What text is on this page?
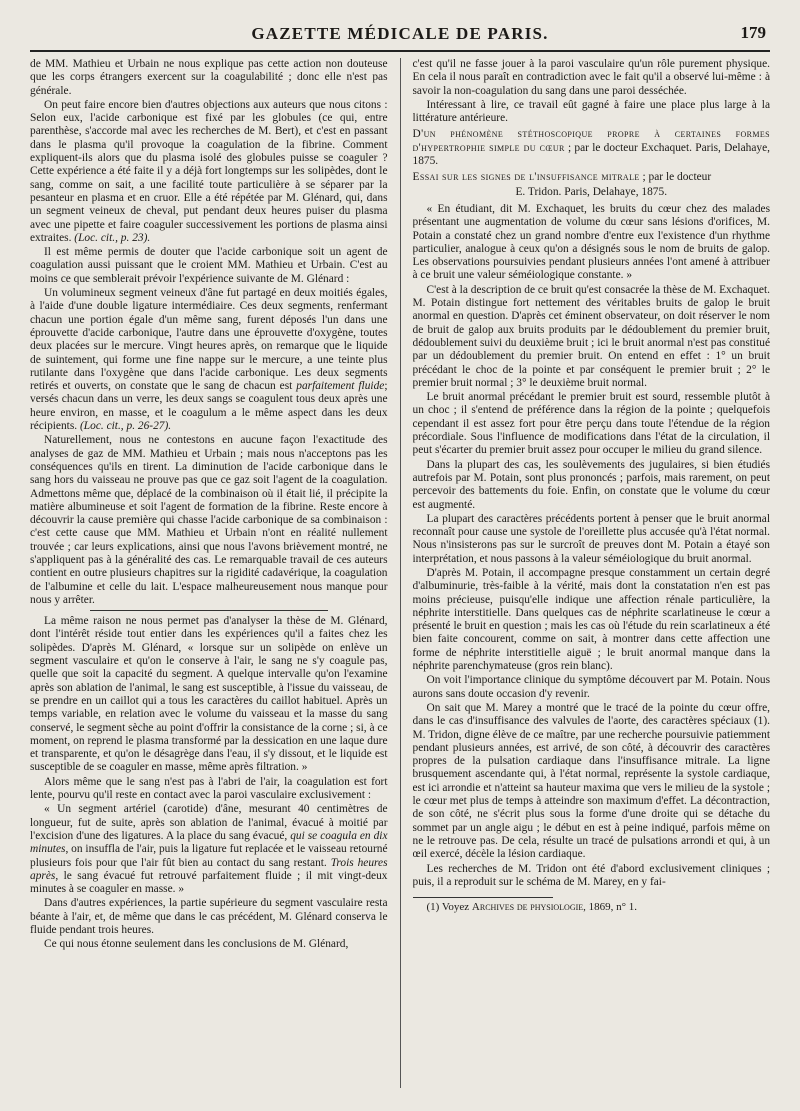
GAZETTE MÉDICALE DE PARIS.	179

de MM. Mathieu et Urbain ne nous explique pas cette action non douteuse que les corps étrangers exercent sur la coagulabilité ; donc elle n'est pas générale.

On peut faire encore bien d'autres objections aux auteurs que nous citons : Selon eux, l'acide carbonique est fixé par les globules (ce qui, entre parenthèse, s'accorde mal avec les recherches de M. Bert), et c'est en passant dans le plasma qu'il provoque la coagulation de la fibrine. Comment expliquent-ils alors que du plasma isolé des globules puisse se coaguler ? Cette expérience a été faite il y a déjà fort longtemps sur les solipèdes, dont le sang, comme on sait, a une facilité toute particulière à se séparer par la pesanteur en plasma et en cruor. Elle a été répétée par M. Glénard, qui, dans un segment veineux de cheval, put pendant deux heures puiser du plasma avec une pipette et faire coaguler successivement les portions de plasma ainsi extraites. (Loc. cit., p. 23).

Il est même permis de douter que l'acide carbonique soit un agent de coagulation aussi puissant que le croient MM. Mathieu et Urbain. C'est au moins ce que semblerait prévoir l'expérience suivante de M. Glénard :

Un volumineux segment veineux d'âne fut partagé en deux moitiés égales, à l'aide d'une double ligature intermédiaire. Ces deux segments, renfermant chacun une portion égale d'un même sang, furent déposés l'un dans une éprouvette d'acide carbonique, l'autre dans une éprouvette d'oxygène, toutes deux placées sur le mercure. Vingt heures après, on remarque que le liquide de suintement, qui forme une fine nappe sur le mercure, a une teinte plus rutilante dans l'oxygène que dans l'acide carbonique. Les deux segments retirés et ouverts, on constate que le sang de chacun est parfaitement fluide; versés chacun dans un verre, les deux sangs se coagulent tous deux après une heure environ, en masse, et le coagulum a le même aspect dans les deux récipients. (Loc. cit., p. 26-27).

Naturellement, nous ne contestons en aucune façon l'exactitude des analyses de gaz de MM. Mathieu et Urbain ; mais nous n'acceptons pas les conséquences qu'ils en tirent. La diminution de l'acide carbonique dans le sang hors du vaisseau ne prouve pas que ce gaz soit l'agent de la coagulation. Admettons même que, déplacé de la combinaison où il était lié, il précipite la matière albumineuse et soit l'agent de formation de la fibrine. Reste encore à découvrir la cause première qui chasse l'acide carbonique de sa combinaison : c'est cette cause que MM. Mathieu et Urbain n'ont en réalité nullement trouvée ; car leurs explications, ainsi que nous l'avons brièvement montré, ne s'appliquent pas à la généralité des cas. Le remarquable travail de ces auteurs contient en outre plusieurs chapitres sur la rigidité cadavérique, la coagulation de l'albumine et celle du lait. L'espace malheureusement nous manque pour nous y arrêter.

La même raison ne nous permet pas d'analyser la thèse de M. Glénard, dont l'intérêt réside tout entier dans les expériences qu'il a faites chez les solipèdes. D'après M. Glénard, « lorsque sur un solipède on enlève un segment vasculaire et qu'on le conserve à l'air, le sang ne s'y coagule pas, quelle que soit la capacité du segment. A quelque intervalle qu'on l'examine après son ablation de l'animal, le sang est susceptible, à l'issue du vaisseau, de se prendre en un caillot qui a tous les caractères du caillot habituel. Après un temps variable, en relation avec le volume du vaisseau et la masse du sang conservé, le segment sèche au point d'offrir la consistance de la corne ; si, à ce moment, on reprend le plasma transformé par la dessication en une laque dure et transparente, et qu'on le désagrège dans l'eau, il s'y dissout, et le liquide est susceptible de se coaguler en masse, même après filtration. »

Alors même que le sang n'est pas à l'abri de l'air, la coagulation est fort lente, pourvu qu'il reste en contact avec la paroi vasculaire exclusivement :

« Un segment artériel (carotide) d'âne, mesurant 40 centimètres de longueur, fut de suite, après son ablation de l'animal, évacué à moitié par l'excision d'une des ligatures. A la place du sang évacué, qui se coagula en dix minutes, on insuffla de l'air, puis la ligature fut replacée et le vaisseau retourné plusieurs fois pour que l'air fût bien au contact du sang restant. Trois heures après, le sang évacué fut retrouvé parfaitement fluide ; il mit vingt-deux minutes à se coaguler en masse. »

Dans d'autres expériences, la partie supérieure du segment vasculaire resta béante à l'air, et, de même que dans le cas précédent, M. Glénard conserva le fluide pendant trois heures.

Ce qui nous étonne seulement dans les conclusions de M. Glénard,

c'est qu'il ne fasse jouer à la paroi vasculaire qu'un rôle purement physique. En cela il nous paraît en contradiction avec le fait qu'il a observé lui-même : à savoir la non-coagulation du sang dans une paroi desséchée.

Intéressant à lire, ce travail eût gagné à faire une place plus large à la littérature antérieure.

D'un phénomène stéthoscopique propre à certaines formes d'hypertrophie simple du cœur ; par le docteur Exchaquet. Paris, Delahaye, 1875.

Essai sur les signes de l'insuffisance mitrale ; par le docteur

E. Tridon. Paris, Delahaye, 1875.

« En étudiant, dit M. Exchaquet, les bruits du cœur chez des malades présentant une augmentation de volume du cœur sans lésions d'orifices, M. Potain a constaté chez un grand nombre d'entre eux l'existence d'un rhythme particulier, analogue à ceux qu'on a désignés sous le nom de bruits de galop. Les observations poursuivies pendant plusieurs années l'ont amené à attribuer à ce bruit une valeur séméiologique constante. »

C'est à la description de ce bruit qu'est consacrée la thèse de M. Exchaquet. M. Potain distingue fort nettement des véritables bruits de galop le bruit anormal en question. D'après cet éminent observateur, on doit réserver le nom de bruit de galop aux bruits produits par le dédoublement du premier bruit, dédoublement suivi du deuxième bruit ; ici le bruit anormal n'est pas constitué par un dédoublement du premier bruit. On entend en effet : 1° un bruit précédant le choc de la pointe et par conséquent le premier bruit ; 2° le premier bruit normal ; 3° le deuxième bruit normal.

Le bruit anormal précédant le premier bruit est sourd, ressemble plutôt à un choc ; il s'entend de préférence dans la région de la pointe ; quelquefois cependant il est assez fort pour être perçu dans toute l'étendue de la région précordiale. Sous l'influence de modifications dans l'état de la circulation, il peut s'écarter du premier bruit assez pour occuper le milieu du grand silence.

Dans la plupart des cas, les soulèvements des jugulaires, si bien étudiés autrefois par M. Potain, sont plus prononcés ; parfois, mais rarement, on peut percevoir des battements du foie. Enfin, on constate que le volume du cœur est augmenté.

La plupart des caractères précédents portent à penser que le bruit anormal reconnaît pour cause une systole de l'oreillette plus accusée qu'à l'état normal. Nous n'insisterons pas sur le surcroît de preuves dont M. Potain a étayé son interprétation, et nous passons à la valeur séméiologique du bruit anormal.

D'après M. Potain, il accompagne presque constamment un certain degré d'albuminurie, très-faible à la vérité, mais dont la constatation n'en est pas moins précieuse, puisqu'elle indique une affection rénale particulière, la néphrite interstitielle. Dans quelques cas de néphrite scarlatineuse le cœur a présenté le bruit en question ; mais les cas où l'étude du rein scarlatineux a été bien faite concourent, comme on sait, à montrer dans cette affection une forme de néphrite interstitielle aiguë ; le bruit anormal manque dans la néphrite parenchymateuse (gros rein blanc).

On voit l'importance clinique du symptôme découvert par M. Potain. Nous aurons sans doute occasion d'y revenir.

On sait que M. Marey a montré que le tracé de la pointe du cœur offre, dans le cas d'insuffisance des valvules de l'aorte, des caractères spéciaux (1). M. Tridon, digne élève de ce maître, par une recherche poursuivie patiemment pendant plusieurs années, est arrivé, de son côté, à découvrir des caractères propres de la pulsation cardiaque dans l'insuffisance mitrale. La ligne brusquement ascendante qui, à l'état normal, représente la systole cardiaque, est ici arrondie et n'atteint sa hauteur maxima que vers le milieu de la systole ; le cœur met plus de temps à atteindre son maximum d'effet. La décontraction, de son côté, ne s'écrit plus sous la forme d'une droite qui se détache du sommet par un angle aigu ; le début en est à peine indiqué, parfois même on ne le retrouve pas. De cela, résulte un tracé de pulsations arrondi et qui, à un œil exercé, décèle la lésion cardiaque.

Les recherches de M. Tridon ont été d'abord exclusivement cliniques ; puis, il a reproduit sur le schéma de M. Marey, en y fai-

(1) Voyez Archives de physiologie, 1869, n° 1.
